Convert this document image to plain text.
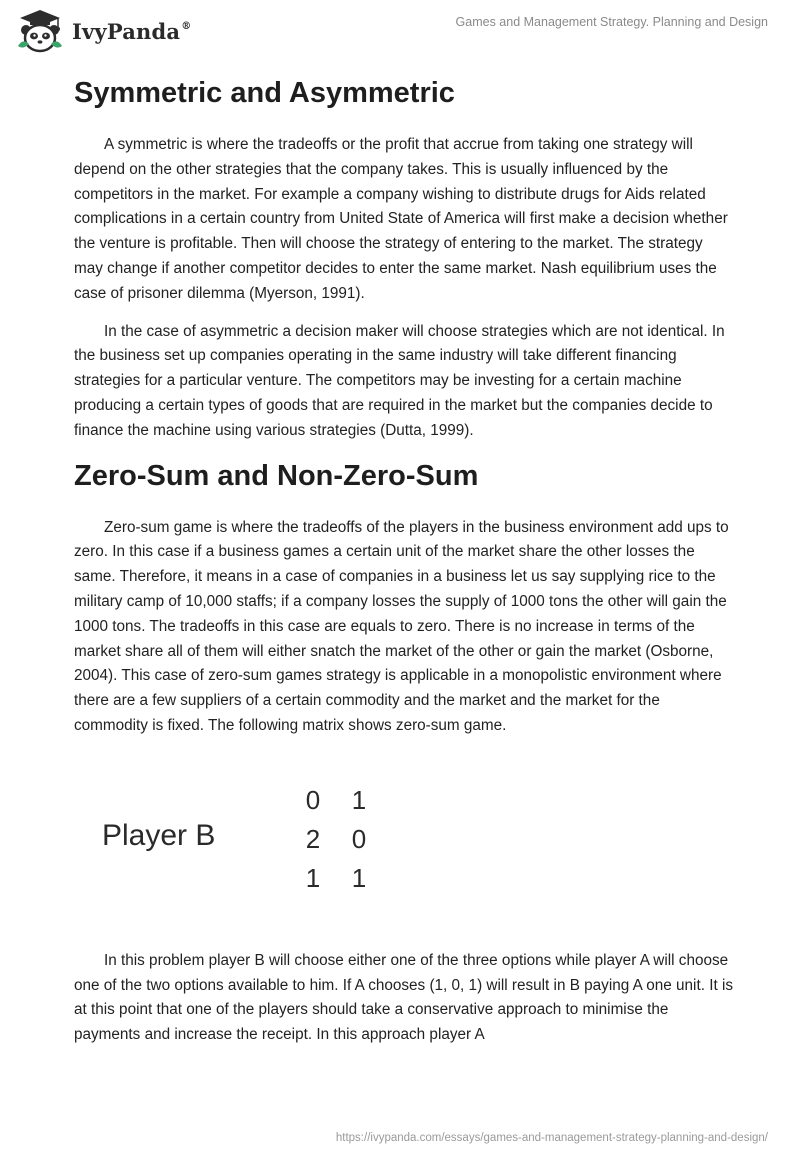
IvyPanda®	Games and Management Strategy. Planning and Design
Symmetric and Asymmetric

A symmetric is where the tradeoffs or the profit that accrue from taking one strategy will depend on the other strategies that the company takes. This is usually influenced by the competitors in the market. For example a company wishing to distribute drugs for Aids related complications in a certain country from United State of America will first make a decision whether the venture is profitable. Then will choose the strategy of entering to the market. The strategy may change if another competitor decides to enter the same market. Nash equilibrium uses the case of prisoner dilemma (Myerson, 1991).

In the case of asymmetric a decision maker will choose strategies which are not identical. In the business set up companies operating in the same industry will take different financing strategies for a particular venture. The competitors may be investing for a certain machine producing a certain types of goods that are required in the market but the companies decide to finance the machine using various strategies (Dutta, 1999).

Zero-Sum and Non-Zero-Sum

Zero-sum game is where the tradeoffs of the players in the business environment add ups to zero. In this case if a business games a certain unit of the market share the other losses the same. Therefore, it means in a case of companies in a business let us say supplying rice to the military camp of 10,000 staffs; if a company losses the supply of 1000 tons the other will gain the 1000 tons. The tradeoffs in this case are equals to zero. There is no increase in terms of the market share all of them will either snatch the market of the other or gain the market (Osborne, 2004). This case of zero-sum games strategy is applicable in a monopolistic environment where there are a few suppliers of a certain commodity and the market and the market for the commodity is fixed. The following matrix shows zero-sum game.

Player B
0	1
2	0
1	1

In this problem player B will choose either one of the three options while player A will choose one of the two options available to him. If A chooses (1, 0, 1) will result in B paying A one unit. It is at this point that one of the players should take a conservative approach to minimise the payments and increase the receipt. In this approach player A

https://ivypanda.com/essays/games-and-management-strategy-planning-and-design/
